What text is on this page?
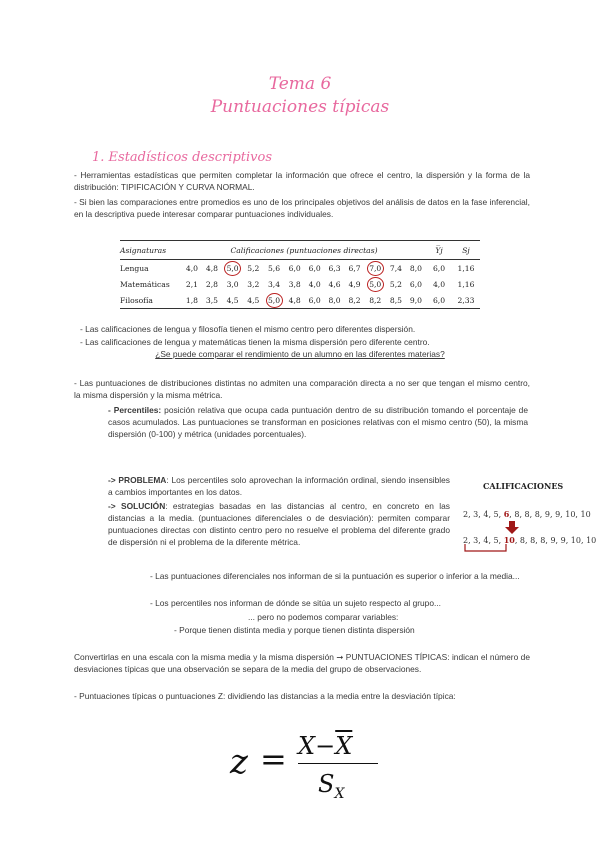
Tema 6
Puntuaciones típicas
1. Estadísticos descriptivos
- Herramientas estadísticas que permiten completar la información que ofrece el centro, la dispersión y la forma de la distribución: TIPIFICACIÓN Y CURVA NORMAL.
- Si bien las comparaciones entre promedios es uno de los principales objetivos del análisis de datos en la fase inferencial, en la descriptiva puede interesar comparar puntuaciones individuales.
Asignaturas	Calificaciones (puntuaciones directas)												Y̅j	Sj
Lengua	4,0	4,8	5,0	5,2	5,6	6,0	6,0	6,3	6,7	7,0	7,4	8,0	6,0	1,16
Matemáticas	2,1	2,8	3,0	3,2	3,4	3,8	4,0	4,6	4,9	5,0	5,2	6,0	4,0	1,16
Filosofía	1,8	3,5	4,5	4,5	5,0	4,8	6,0	8,0	8,2	8,2	8,5	9,0	6,0	2,33
- Las calificaciones de lengua y filosofía tienen el mismo centro pero diferentes dispersión.
- Las calificaciones de lengua y matemáticas tienen la misma dispersión pero diferente centro.
¿Se puede comparar el rendimiento de un alumno en las diferentes materias?
- Las puntuaciones de distribuciones distintas no admiten una comparación directa a no ser que tengan el mismo centro, la misma dispersión y la misma métrica.
- Percentiles: posición relativa que ocupa cada puntuación dentro de su distribución tomando el porcentaje de casos acumulados. Las puntuaciones se transforman en posiciones relativas con el mismo centro (50), la misma dispersión (0-100) y métrica (unidades porcentuales).
-> PROBLEMA: Los percentiles solo aprovechan la información ordinal, siendo insensibles a cambios importantes en los datos.
-> SOLUCIÓN: estrategias basadas en las distancias al centro, en concreto en las distancias a la media. (puntuaciones diferenciales o de desviación): permiten comparar puntuaciones directas con distinto centro pero no resuelve el problema del diferente grado de dispersión ni el problema de la diferente métrica.
CALIFICACIONES
2, 3, 4, 5, 6, 8, 8, 8, 9, 9, 10, 10
2, 3, 4, 5, 10, 8, 8, 8, 9, 9, 10, 10
- Las puntuaciones diferenciales nos informan de si la puntuación es superior o inferior a la media...
- Los percentiles nos informan de dónde se sitúa un sujeto respecto al grupo...
... pero no podemos comparar variables:
- Porque tienen distinta media y porque tienen distinta dispersión
Convertirlas en una escala con la misma media y la misma dispersión ➞ PUNTUACIONES TÍPICAS: indican el número de desviaciones típicas que una observación se separa de la media del grupo de observaciones.
- Puntuaciones típicas o puntuaciones Z: dividiendo las distancias a la media entre la desviación típica:
$z = X-\overline{X}$
$S_X$
